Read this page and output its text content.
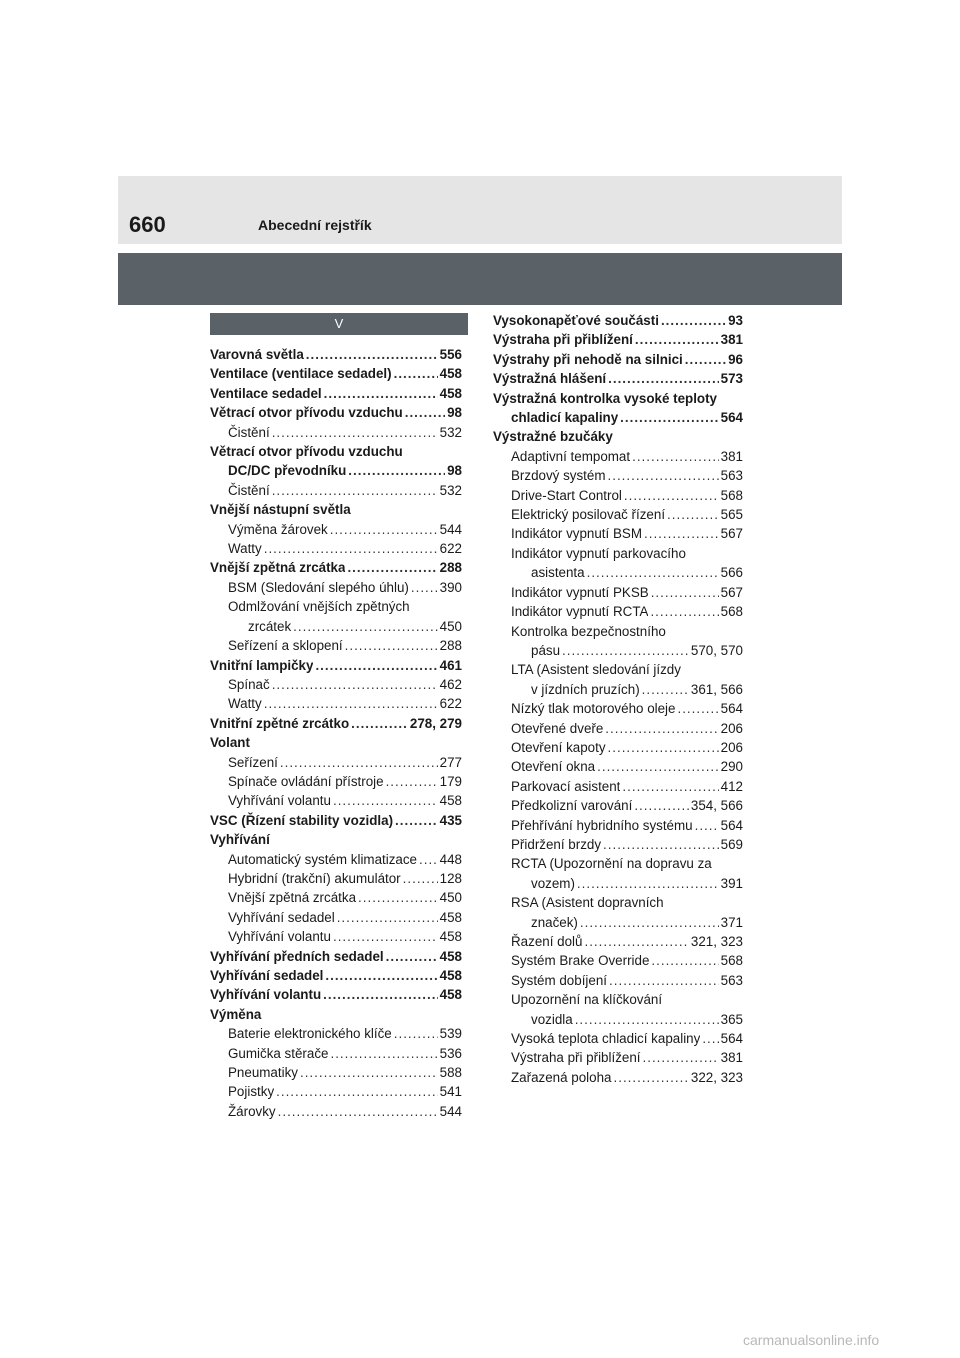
660	Abecední rejstřík
V
Varovná světla .....	556
Ventilace (ventilace sedadel) .....	458
Ventilace sedadel .....	458
Větrací otvor přívodu vzduchu .....	98
Čistění .....	532
Větrací otvor přívodu vzduchu
DC/DC převodníku .....	98
Čistění .....	532
Vnější nástupní světla
Výměna žárovek .....	544
Watty .....	622
Vnější zpětná zrcátka .....	288
BSM (Sledování slepého úhlu) ..... 390
Odmlžování vnějších zpětných
zrcátek .....	450
Seřízení a sklopení .....	288
Vnitřní lampičky .....	461
Spínač .....	462
Watty .....	622
Vnitřní zpětné zrcátko .....	278, 279
Volant
Seřízení .....	277
Spínače ovládání přístroje .....	179
Vyhřívání volantu .....	458
VSC (Řízení stability vozidla) .....	435
Vyhřívání
Automatický systém klimatizace ..... 448
Hybridní (trakční) akumulátor .....	128
Vnější zpětná zrcátka .....	450
Vyhřívání sedadel .....	458
Vyhřívání volantu .....	458
Vyhřívání předních sedadel .....	458
Vyhřívání sedadel .....	458
Vyhřívání volantu .....	458
Výměna
Baterie elektronického klíče .....	539
Gumička stěrače .....	536
Pneumatiky .....	588
Pojistky .....	541
Žárovky .....	544
Vysokonapěťové součásti .....	93
Výstraha při přiblížení .....	381
Výstrahy při nehodě na silnici .....	96
Výstražná hlášení .....	573
Výstražná kontrolka vysoké teploty
chladicí kapaliny .....	564
Výstražné bzučáky
Adaptivní tempomat .....	381
Brzdový systém .....	563
Drive-Start Control .....	568
Elektrický posilovač řízení .....	565
Indikátor vypnutí BSM .....	567
Indikátor vypnutí parkovacího
asistenta .....	566
Indikátor vypnutí PKSB .....	567
Indikátor vypnutí RCTA .....	568
Kontrolka bezpečnostního
pásu .....	570, 570
LTA (Asistent sledování jízdy
v jízdních pruzích) .....	361, 566
Nízký tlak motorového oleje .....	564
Otevřené dveře .....	206
Otevření kapoty .....	206
Otevření okna .....	290
Parkovací asistent .....	412
Předkolizní varování .....	354, 566
Přehřívání hybridního systému ..... 564
Přidržení brzdy .....	569
RCTA (Upozornění na dopravu za
vozem) .....	391
RSA (Asistent dopravních
značek) .....	371
Řazení dolů .....	321, 323
Systém Brake Override .....	568
Systém dobíjení .....	563
Upozornění na klíčkování
vozidla .....	365
Vysoká teplota chladicí kapaliny ..... 564
Výstraha při přiblížení .....	381
Zařazená poloha .....	322, 323
carmanualsonline.info
